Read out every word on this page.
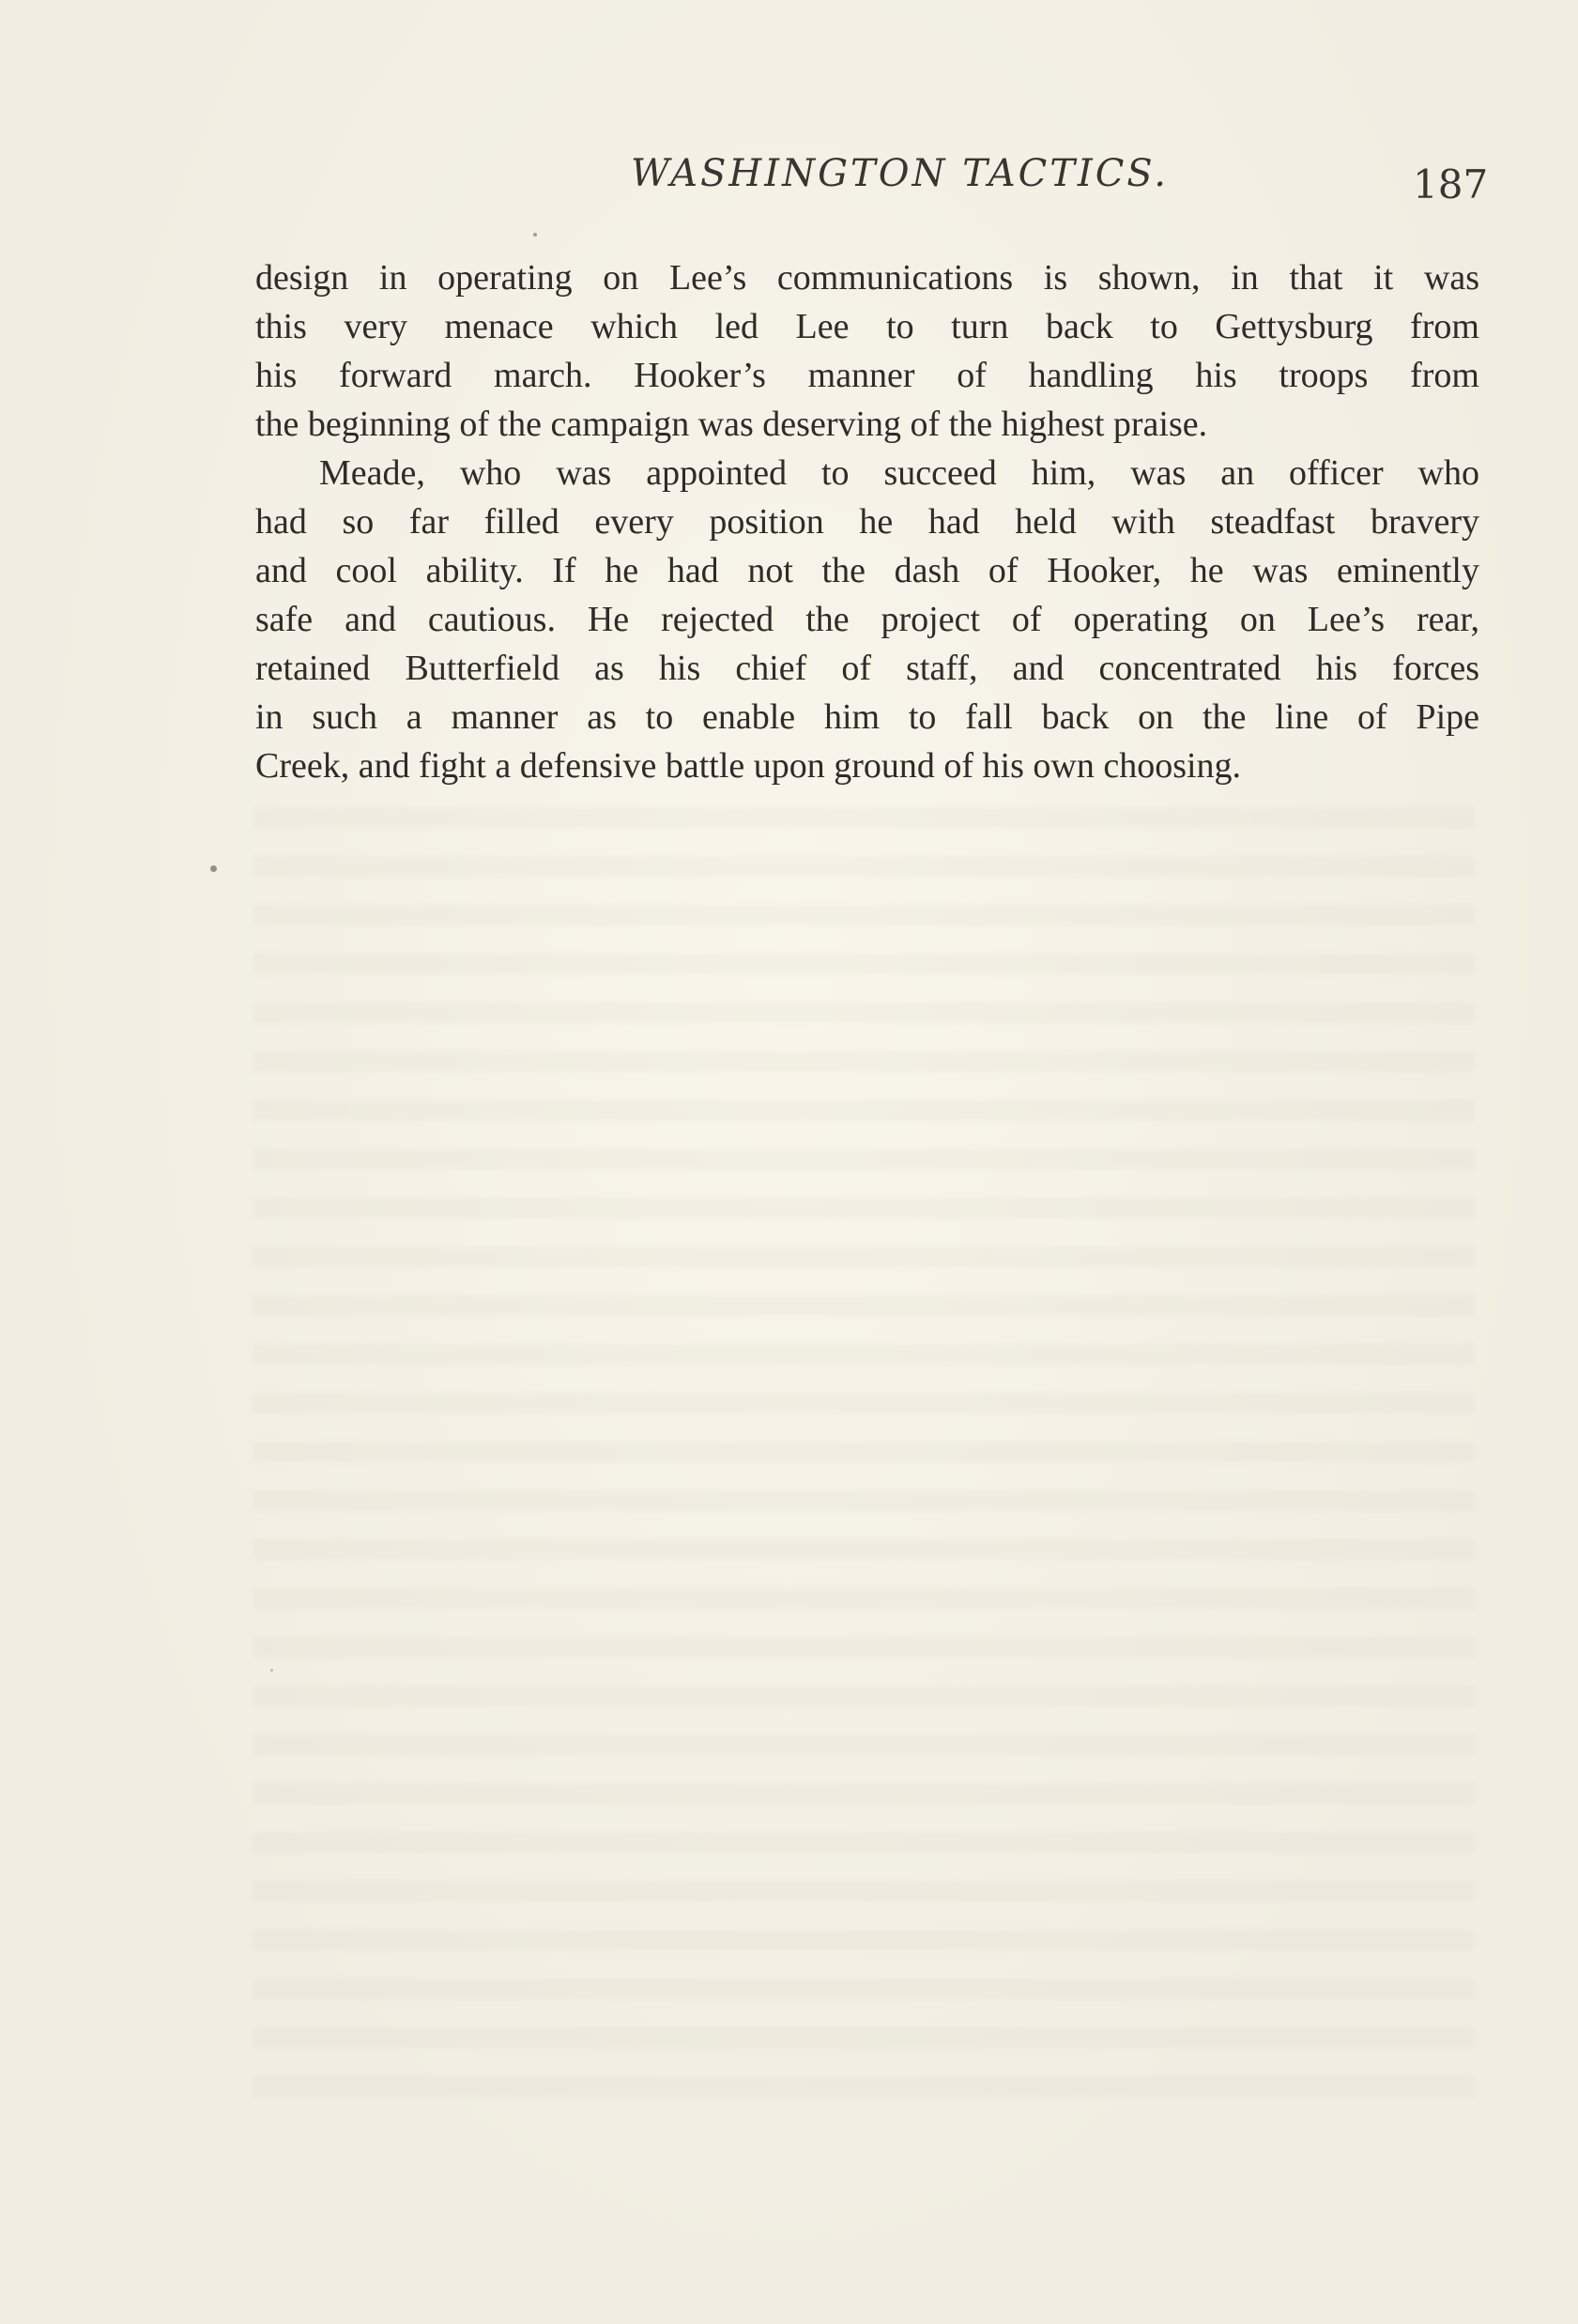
WASHINGTON TACTICS.	187
design in operating on Lee’s communications is shown, in that it was
this very menace which led Lee to turn back to Gettysburg from
his forward march. Hooker’s manner of handling his troops from
the beginning of the campaign was deserving of the highest praise.
Meade, who was appointed to succeed him, was an officer who
had so far filled every position he had held with steadfast bravery
and cool ability. If he had not the dash of Hooker, he was eminently
safe and cautious. He rejected the project of operating on Lee’s rear,
retained Butterfield as his chief of staff, and concentrated his forces
in such a manner as to enable him to fall back on the line of Pipe
Creek, and fight a defensive battle upon ground of his own choosing.
